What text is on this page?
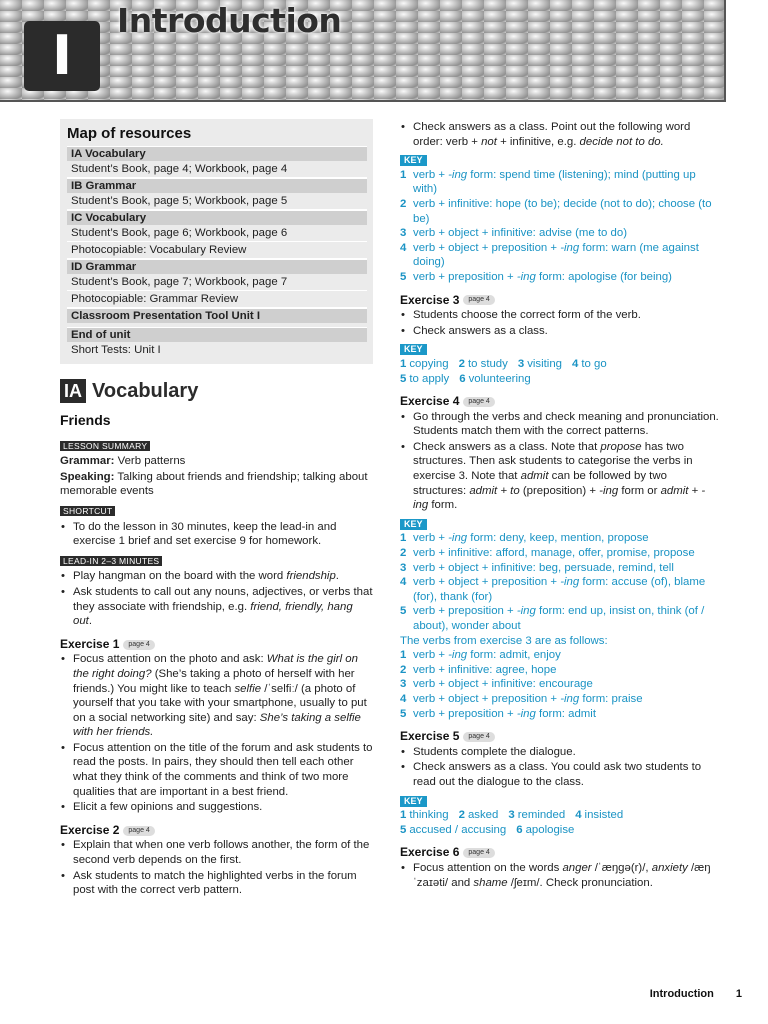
I
Introduction
Map of resources
IA Vocabulary
Student’s Book, page 4; Workbook, page 4
IB Grammar
Student’s Book, page 5; Workbook, page 5
IC Vocabulary
Student’s Book, page 6; Workbook, page 6
Photocopiable: Vocabulary Review
ID Grammar
Student’s Book, page 7; Workbook, page 7
Photocopiable: Grammar Review
Classroom Presentation Tool Unit I
End of unit
Short Tests: Unit I
IA Vocabulary
Friends
LESSON SUMMARY

Grammar: Verb patterns

Speaking: Talking about friends and friendship; talking about memorable events

SHORTCUT
• To do the lesson in 30 minutes, keep the lead-in and exercise 1 brief and set exercise 9 for homework.
LEAD-IN 2–3 MINUTES
• Play hangman on the board with the word friendship.
• Ask students to call out any nouns, adjectives, or verbs that they associate with friendship, e.g. friend, friendly, hang out.
Exercise 1 page 4
• Focus attention on the photo and ask: What is the girl on the right doing? (She’s taking a photo of herself with her friends.) You might like to teach selfie /ˈselfiː/ (a photo of yourself that you take with your smartphone, usually to put on a social networking site) and say: She’s taking a selfie with her friends.
• Focus attention on the title of the forum and ask students to read the posts. In pairs, they should then tell each other what they think of the comments and think of two more qualities that are important in a best friend.
• Elicit a few opinions and suggestions.
Exercise 2 page 4
• Explain that when one verb follows another, the form of the second verb depends on the first.
• Ask students to match the highlighted verbs in the forum post with the correct verb pattern.
• Check answers as a class. Point out the following word order: verb + not + infinitive, e.g. decide not to do.
KEY
1 verb + -ing form: spend time (listening); mind (putting up with)
2 verb + infinitive: hope (to be); decide (not to do); choose (to be)
3 verb + object + infinitive: advise (me to do)
4 verb + object + preposition + -ing form: warn (me against doing)
5 verb + preposition + -ing form: apologise (for being)
Exercise 3 page 4
• Students choose the correct form of the verb.
• Check answers as a class.
KEY
1 copying 2 to study 3 visiting 4 to go
5 to apply 6 volunteering
Exercise 4 page 4
• Go through the verbs and check meaning and pronunciation. Students match them with the correct patterns.
• Check answers as a class. Note that propose has two structures. Then ask students to categorise the verbs in exercise 3. Note that admit can be followed by two structures: admit + to (preposition) + -ing form or admit + -ing form.
KEY
1 verb + -ing form: deny, keep, mention, propose
2 verb + infinitive: afford, manage, offer, promise, propose
3 verb + object + infinitive: beg, persuade, remind, tell
4 verb + object + preposition + -ing form: accuse (of), blame (for), thank (for)
5 verb + preposition + -ing form: end up, insist on, think (of / about), wonder about
The verbs from exercise 3 are as follows:
1 verb + -ing form: admit, enjoy
2 verb + infinitive: agree, hope
3 verb + object + infinitive: encourage
4 verb + object + preposition + -ing form: praise
5 verb + preposition + -ing form: admit
Exercise 5 page 4
• Students complete the dialogue.
• Check answers as a class. You could ask two students to read out the dialogue to the class.
KEY
1 thinking 2 asked 3 reminded 4 insisted
5 accused / accusing 6 apologise
Exercise 6 page 4
• Focus attention on the words anger /ˈæŋɡə(r)/, anxiety /æŋˈzaɪəti/ and shame /ʃeɪm/. Check pronunciation.
Introduction 1
